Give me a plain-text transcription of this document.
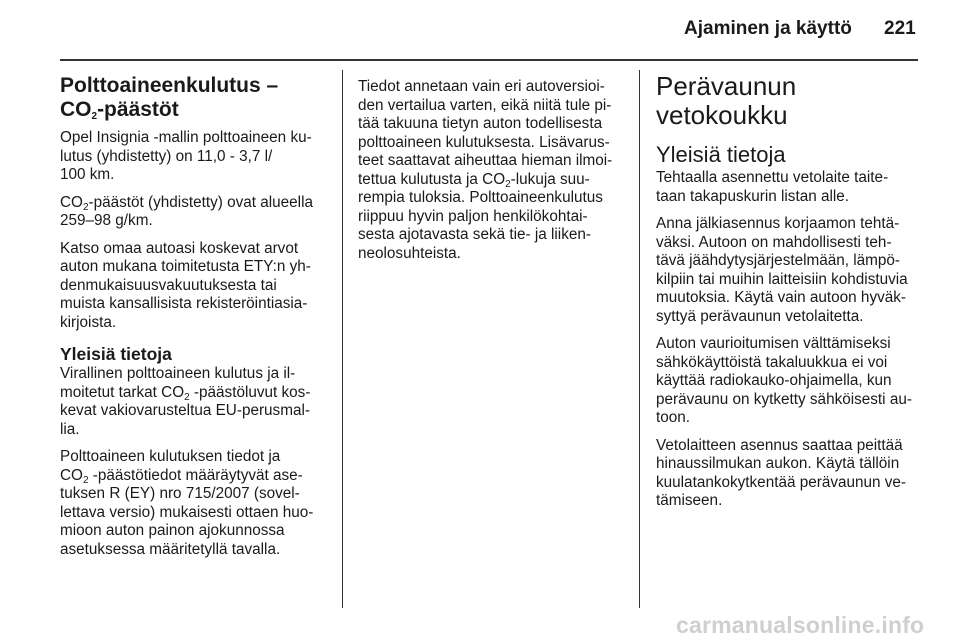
Ajaminen ja käyttö 221
Polttoaineenkulutus –
$CO_2$-päästöt

Opel Insignia -mallin polttoaineen ku-
lutus (yhdistetty) on 11,0 - 3,7 l/
100 km.

$CO_2$-päästöt (yhdistetty) ovat alueella
259–98 g/km.

Katso omaa autoasi koskevat arvot
auton mukana toimitetusta ETY:n yh-
denmukaisuusvakuutuksesta tai
muista kansallisista rekisteröintiasia-
kirjoista.

Yleisiä tietoja

Virallinen polttoaineen kulutus ja il-
moitetut tarkat $CO_2$ -päästöluvut kos-
kevat vakiovarusteltua EU-perusmal-
lia.

Polttoaineen kulutuksen tiedot ja
$CO_2$ -päästötiedot määräytyvät ase-
tuksen R (EY) nro 715/2007 (sovel-
lettava versio) mukaisesti ottaen huo-
mioon auton painon ajokunnossa
asetuksessa määritetyllä tavalla.

Tiedot annetaan vain eri autoversioi-
den vertailua varten, eikä niitä tule pi-
tää takuuna tietyn auton todellisesta
polttoaineen kulutuksesta. Lisävarus-
teet saattavat aiheuttaa hieman ilmoi-
tettua kulutusta ja $CO_2$-lukuja suu-
rempia tuloksia. Polttoaineenkulutus
riippuu hyvin paljon henkilökohtai-
sesta ajotavasta sekä tie- ja liiken-
neolosuhteista.

Perävaunun
vetokoukku
Yleisiä tietoja

Tehtaalla asennettu vetolaite taite-
taan takapuskurin listan alle.

Anna jälkiasennus korjaamon tehtä-
väksi. Autoon on mahdollisesti teh-
tävä jäähdytysjärjestelmään, lämpö-
kilpiin tai muihin laitteisiin kohdistuvia
muutoksia. Käytä vain autoon hyväk-
syttyä perävaunun vetolaitetta.

Auton vaurioitumisen välttämiseksi
sähkökäyttöistä takaluukkua ei voi
käyttää radiokauko-ohjaimella, kun
perävaunu on kytketty sähköisesti au-
toon.

Vetolaitteen asennus saattaa peittää
hinaussilmukan aukon. Käytä tällöin
kuulatankokytkentää perävaunun ve-
tämiseen.

carmanualsonline.info
